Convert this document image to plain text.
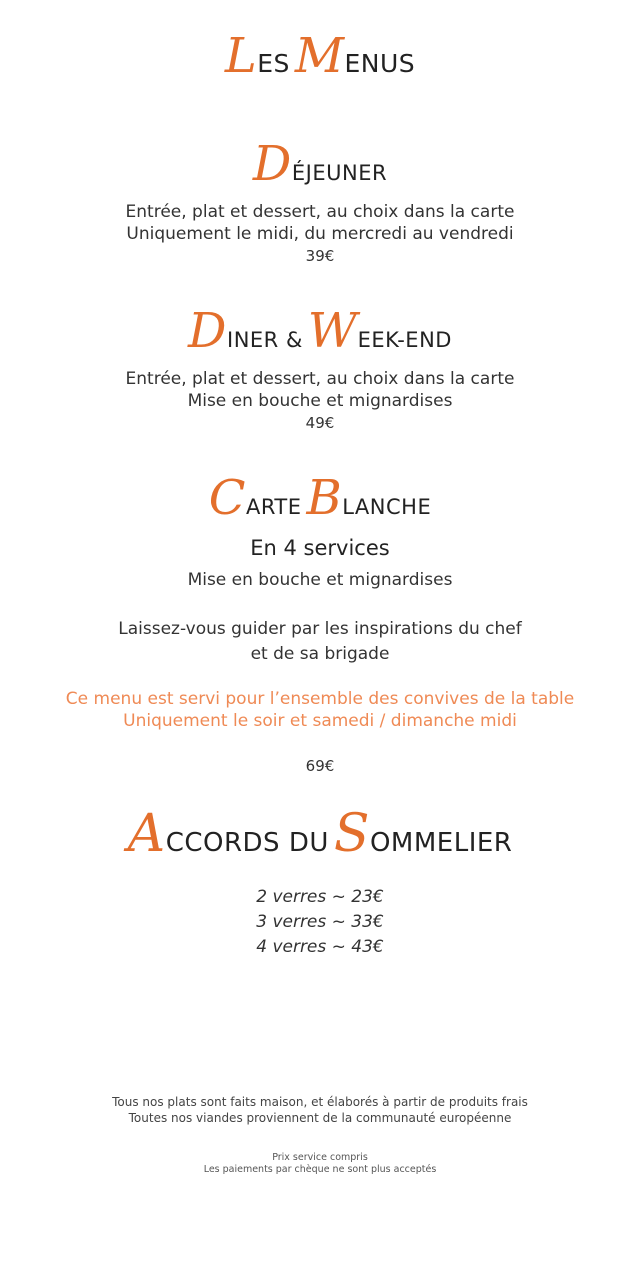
LES MENUS
DÉJEUNER
Entrée, plat et dessert, au choix dans la carte
Uniquement le midi, du mercredi au vendredi
39€
DINER & WEEK-END
Entrée, plat et dessert, au choix dans la carte
Mise en bouche et mignardises
49€
CARTE BLANCHE
En 4 services
Mise en bouche et mignardises
Laissez-vous guider par les inspirations du chef
et de sa brigade
Ce menu est servi pour l’ensemble des convives de la table
Uniquement le soir et samedi / dimanche midi
69€
ACCORDS DU SOMMELIER
2 verres ~ 23€
3 verres ~ 33€
4 verres ~ 43€
Tous nos plats sont faits maison, et élaborés à partir de produits frais
Toutes nos viandes proviennent de la communauté européenne
Prix service compris
Les paiements par chèque ne sont plus acceptés
